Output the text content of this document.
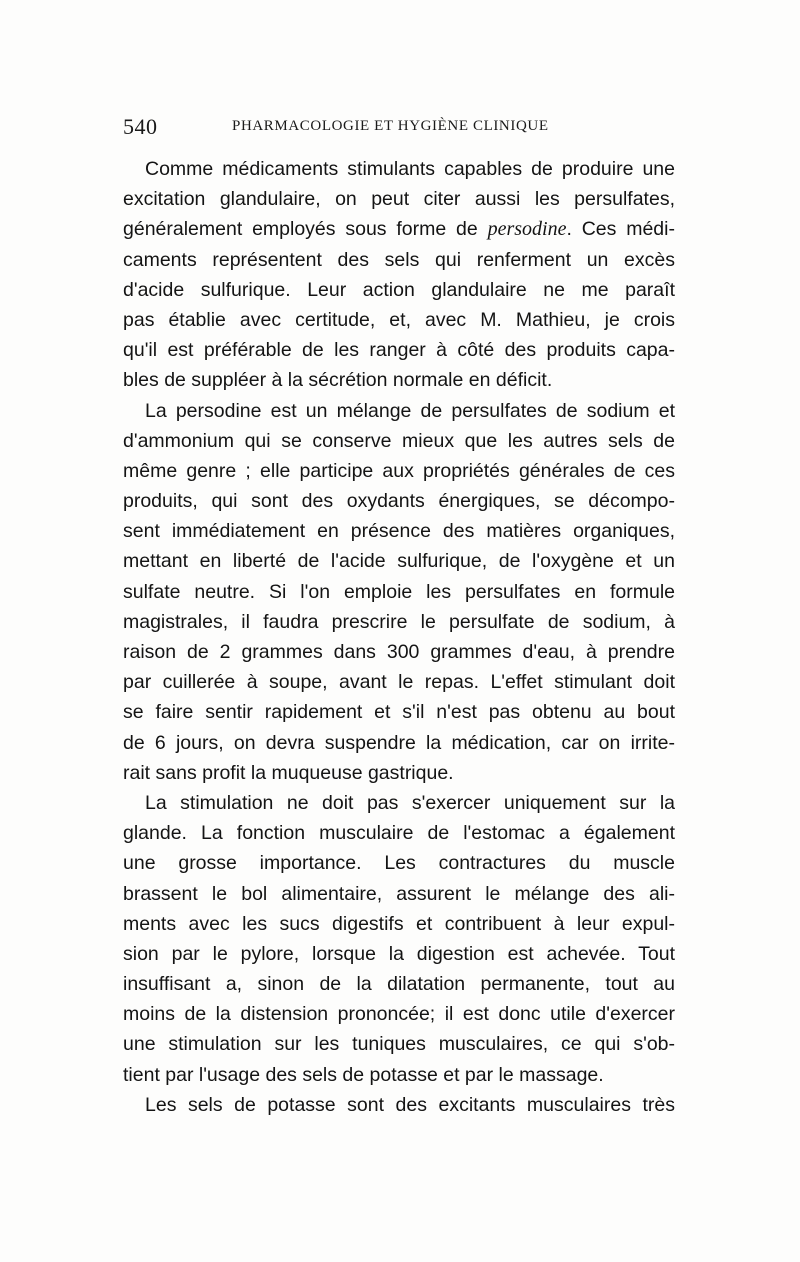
540	PHARMACOLOGIE ET HYGIÈNE CLINIQUE

Comme médicaments stimulants capables de produire une
excitation glandulaire, on peut citer aussi les persulfates,
généralement employés sous forme de persodine. Ces médi-
caments représentent des sels qui renferment un excès
d'acide sulfurique. Leur action glandulaire ne me paraît
pas établie avec certitude, et, avec M. Mathieu, je crois
qu'il est préférable de les ranger à côté des produits capa-
bles de suppléer à la sécrétion normale en déficit.

La persodine est un mélange de persulfates de sodium et
d'ammonium qui se conserve mieux que les autres sels de
même genre ; elle participe aux propriétés générales de ces
produits, qui sont des oxydants énergiques, se décompo-
sent immédiatement en présence des matières organiques,
mettant en liberté de l'acide sulfurique, de l'oxygène et un
sulfate neutre. Si l'on emploie les persulfates en formule
magistrales, il faudra prescrire le persulfate de sodium, à
raison de 2 grammes dans 300 grammes d'eau, à prendre
par cuillerée à soupe, avant le repas. L'effet stimulant doit
se faire sentir rapidement et s'il n'est pas obtenu au bout
de 6 jours, on devra suspendre la médication, car on irrite-
rait sans profit la muqueuse gastrique.

La stimulation ne doit pas s'exercer uniquement sur la
glande. La fonction musculaire de l'estomac a également
une grosse importance. Les contractures du muscle
brassent le bol alimentaire, assurent le mélange des ali-
ments avec les sucs digestifs et contribuent à leur expul-
sion par le pylore, lorsque la digestion est achevée. Tout
insuffisant a, sinon de la dilatation permanente, tout au
moins de la distension prononcée; il est donc utile d'exercer
une stimulation sur les tuniques musculaires, ce qui s'ob-
tient par l'usage des sels de potasse et par le massage.

Les sels de potasse sont des excitants musculaires très
